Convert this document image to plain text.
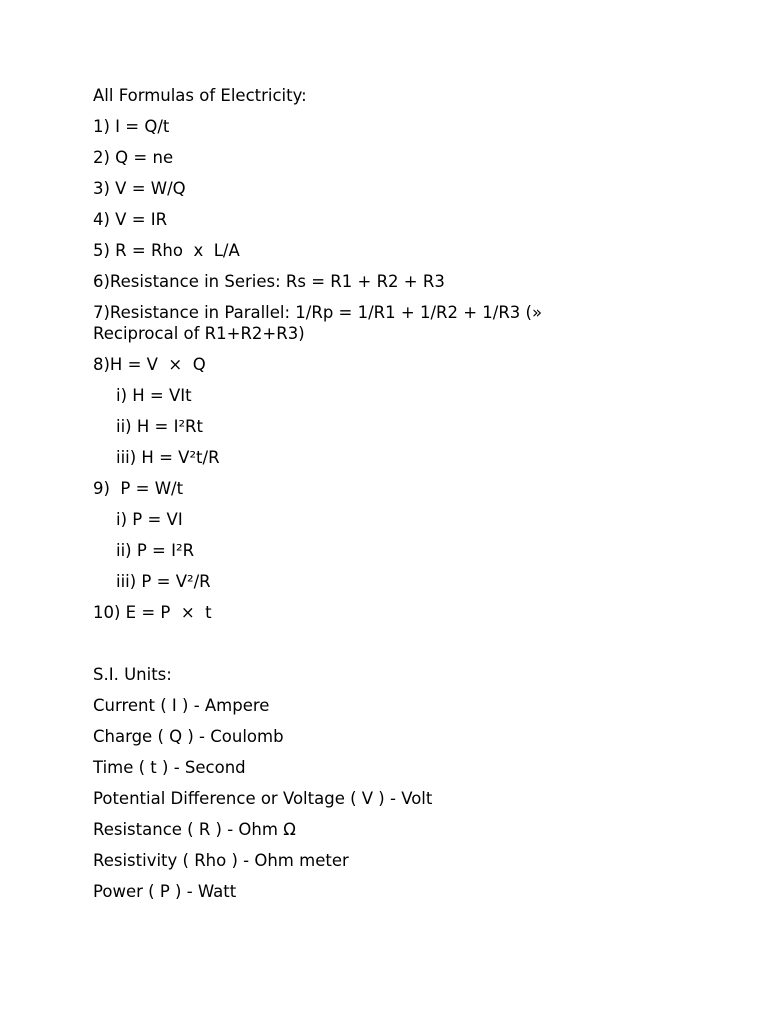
All Formulas of Electricity:
1) I = Q/t
2) Q = ne
3) V = W/Q
4) V = IR
5) R = Rho  x  L/A
6)Resistance in Series: Rs = R1 + R2 + R3
7)Resistance in Parallel: 1/Rp = 1/R1 + 1/R2 + 1/R3 (» Reciprocal of R1+R2+R3)
8)H = V  ×  Q
i) H = VIt
ii) H = I²Rt
iii) H = V²t/R
9)  P = W/t
i) P = VI
ii) P = I²R
iii) P = V²/R
10) E = P  ×  t
S.I. Units:
Current ( I ) - Ampere
Charge ( Q ) - Coulomb
Time ( t ) - Second
Potential Difference or Voltage ( V ) - Volt
Resistance ( R ) - Ohm Ω
Resistivity ( Rho ) - Ohm meter
Power ( P ) - Watt
